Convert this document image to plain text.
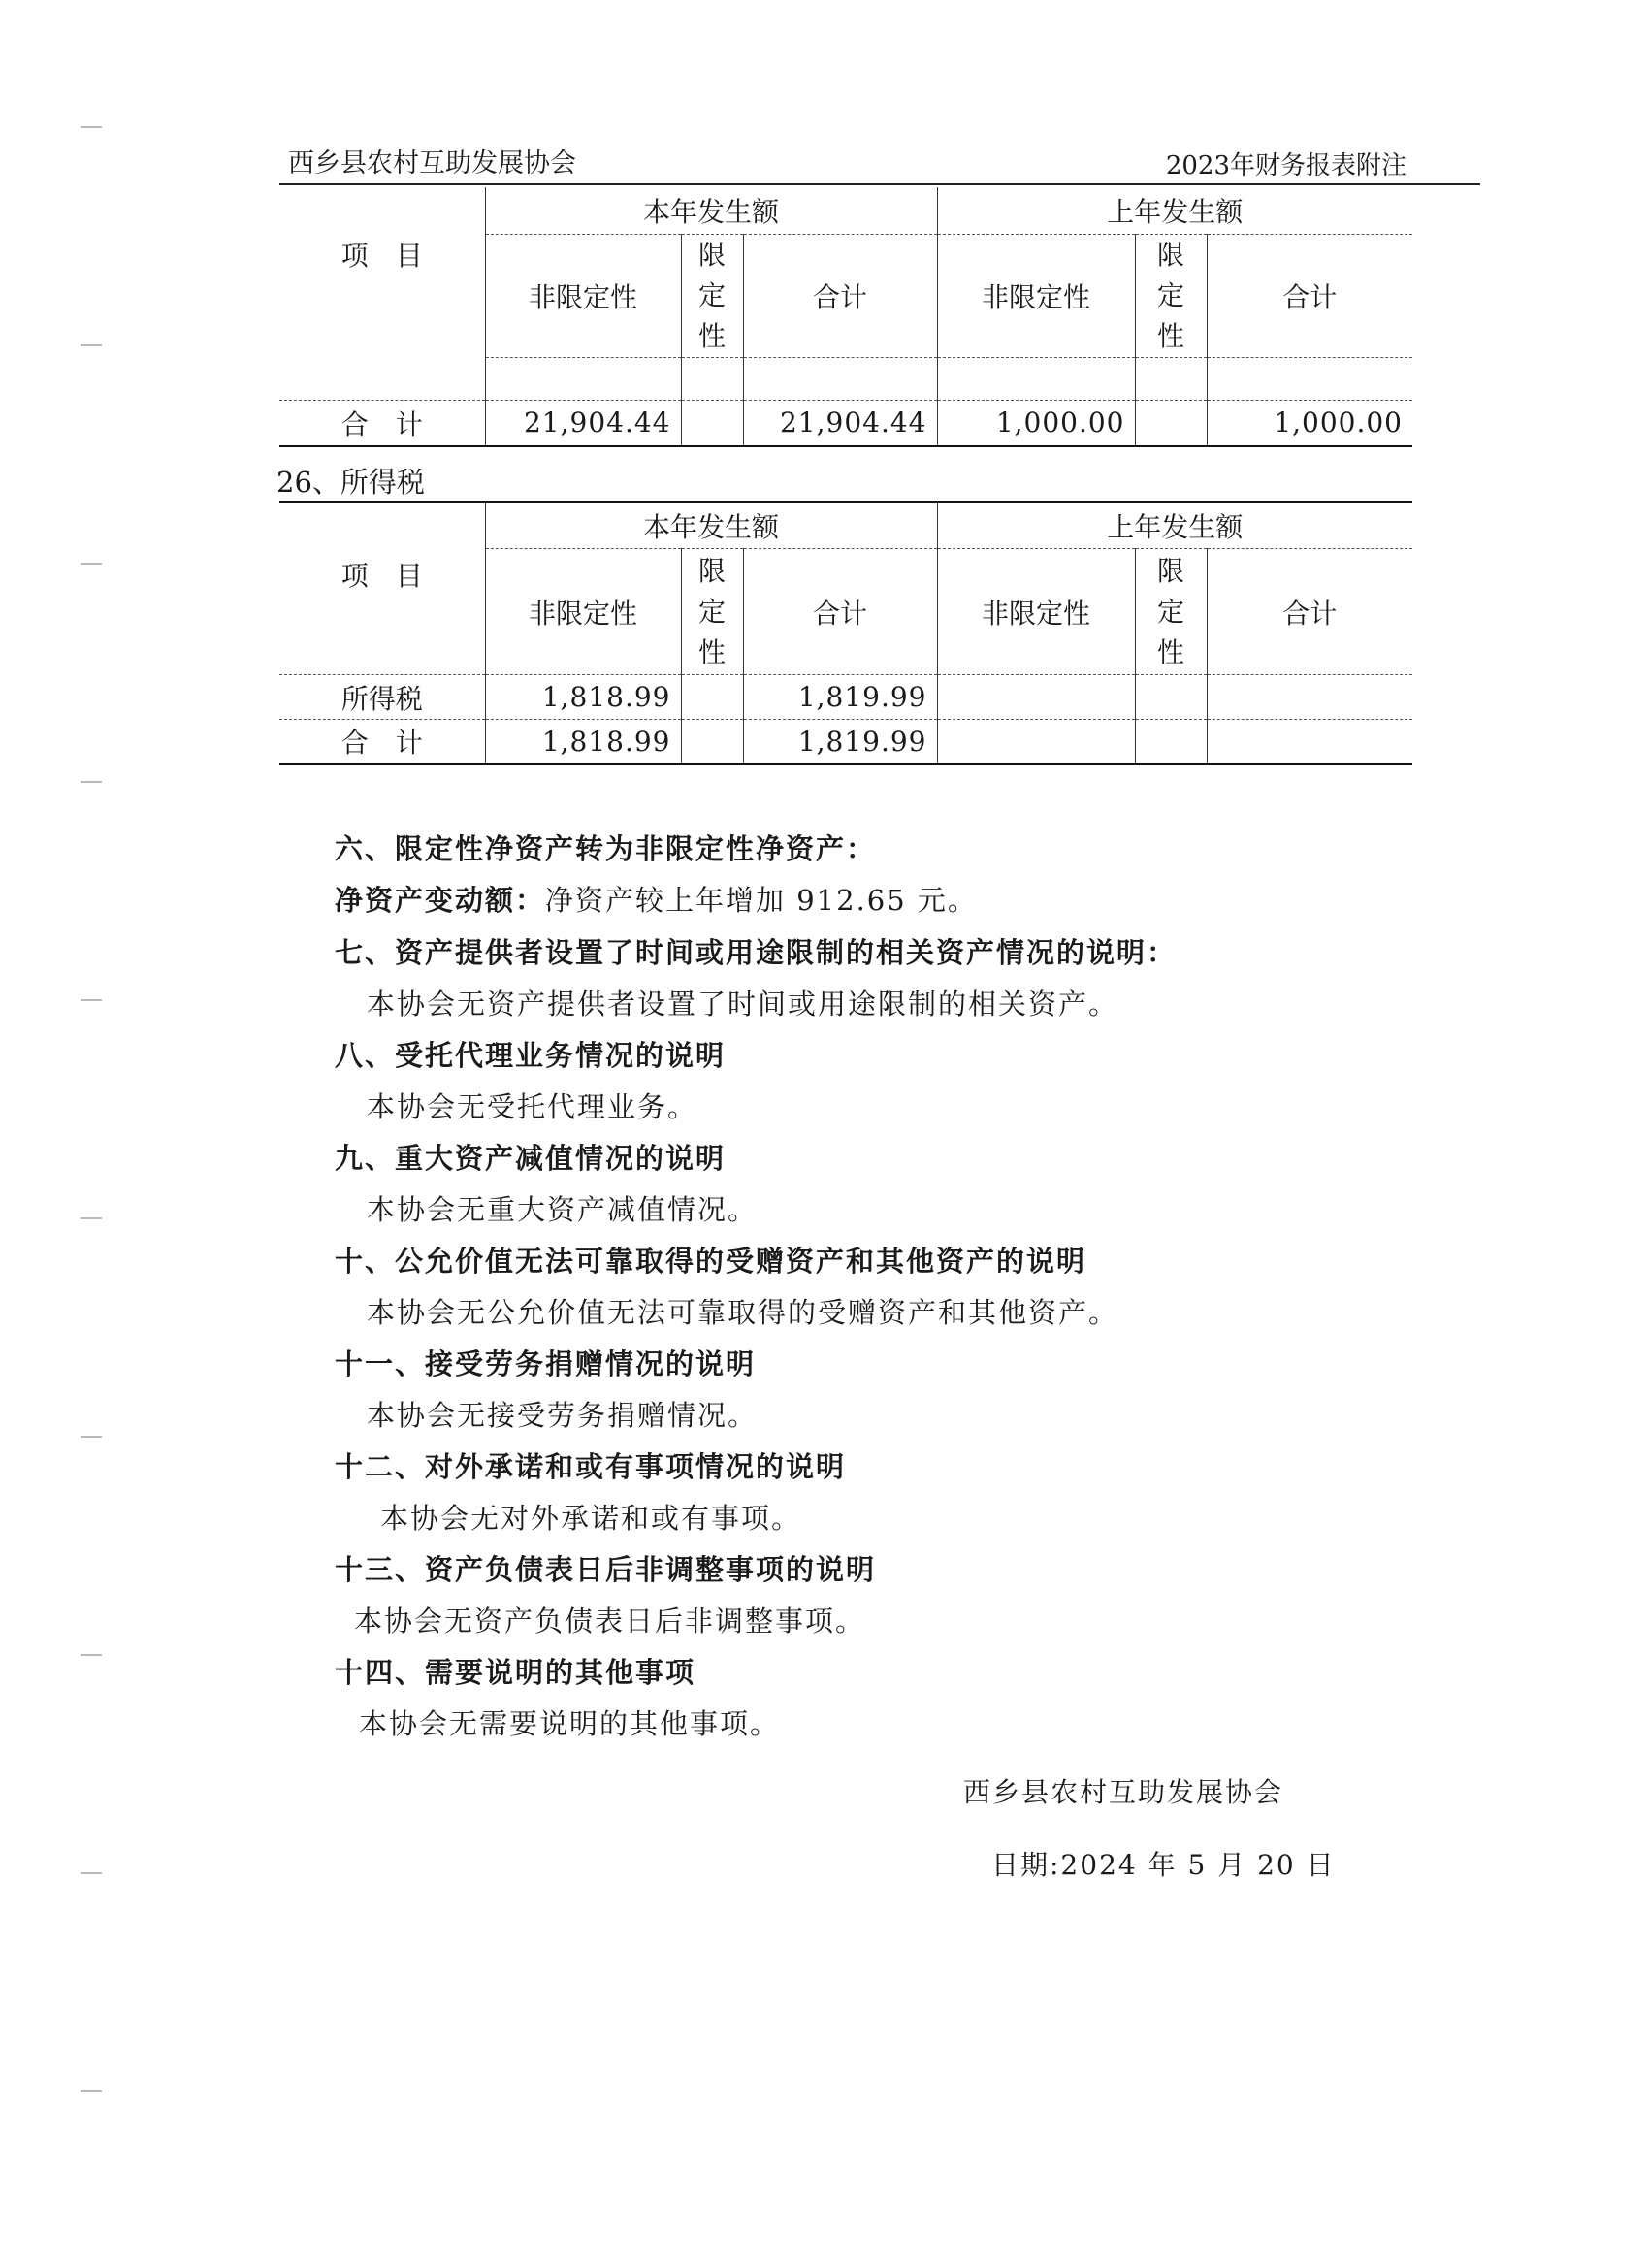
西乡县农村互助发展协会	2023年财务报表附注
项　目	本年发生额			上年发生额		
	非限定性	限
定
性	合计	非限定性	限
定
性	合计

合　计	21,904.44		21,904.44	1,000.00		1,000.00
26、所得税
项　目	本年发生额			上年发生额		
	非限定性	限
定
性	合计	非限定性	限
定
性	合计
所得税	1,818.99		1,819.99			
合　计	1,818.99		1,819.99			
六、限定性净资产转为非限定性净资产：
净资产变动额：净资产较上年增加 912.65 元。
七、资产提供者设置了时间或用途限制的相关资产情况的说明：
本协会无资产提供者设置了时间或用途限制的相关资产。
八、受托代理业务情况的说明
本协会无受托代理业务。
九、重大资产减值情况的说明
本协会无重大资产减值情况。
十、公允价值无法可靠取得的受赠资产和其他资产的说明
本协会无公允价值无法可靠取得的受赠资产和其他资产。
十一、接受劳务捐赠情况的说明
本协会无接受劳务捐赠情况。
十二、对外承诺和或有事项情况的说明
本协会无对外承诺和或有事项。
十三、资产负债表日后非调整事项的说明
本协会无资产负债表日后非调整事项。
十四、需要说明的其他事项
本协会无需要说明的其他事项。
西乡县农村互助发展协会
日期:2024 年 5 月 20 日
